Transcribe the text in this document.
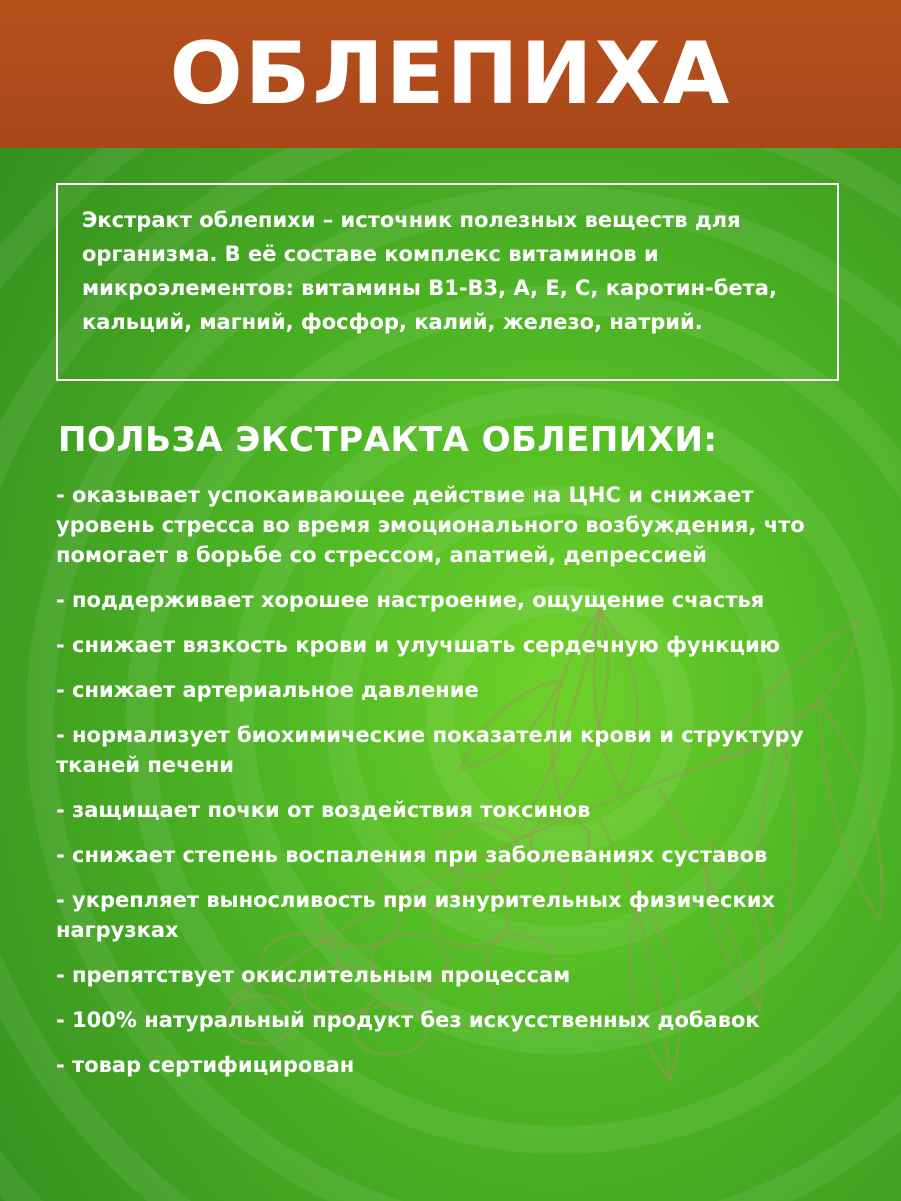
ОБЛЕПИХА

Экстракт облепихи – источник полезных веществ для организма. В её составе комплекс витаминов и микроэлементов: витамины B1-B3, A, E, C, каротин-бета, кальций, магний, фосфор, калий, железо, натрий.

ПОЛЬЗА ЭКСТРАКТА ОБЛЕПИХИ:
- оказывает успокаивающее действие на ЦНС и снижает уровень стресса во время эмоционального возбуждения, что помогает в борьбе со стрессом, апатией, депрессией
- поддерживает хорошее настроение, ощущение счастья
- снижает вязкость крови и улучшать сердечную функцию
- снижает артериальное давление
- нормализует биохимические показатели крови и структуру тканей печени
- защищает почки от воздействия токсинов
- снижает степень воспаления при заболеваниях суставов
- укрепляет выносливость при изнурительных физических нагрузках
- препятствует окислительным процессам
- 100% натуральный продукт без искусственных добавок
- товар сертифицирован
